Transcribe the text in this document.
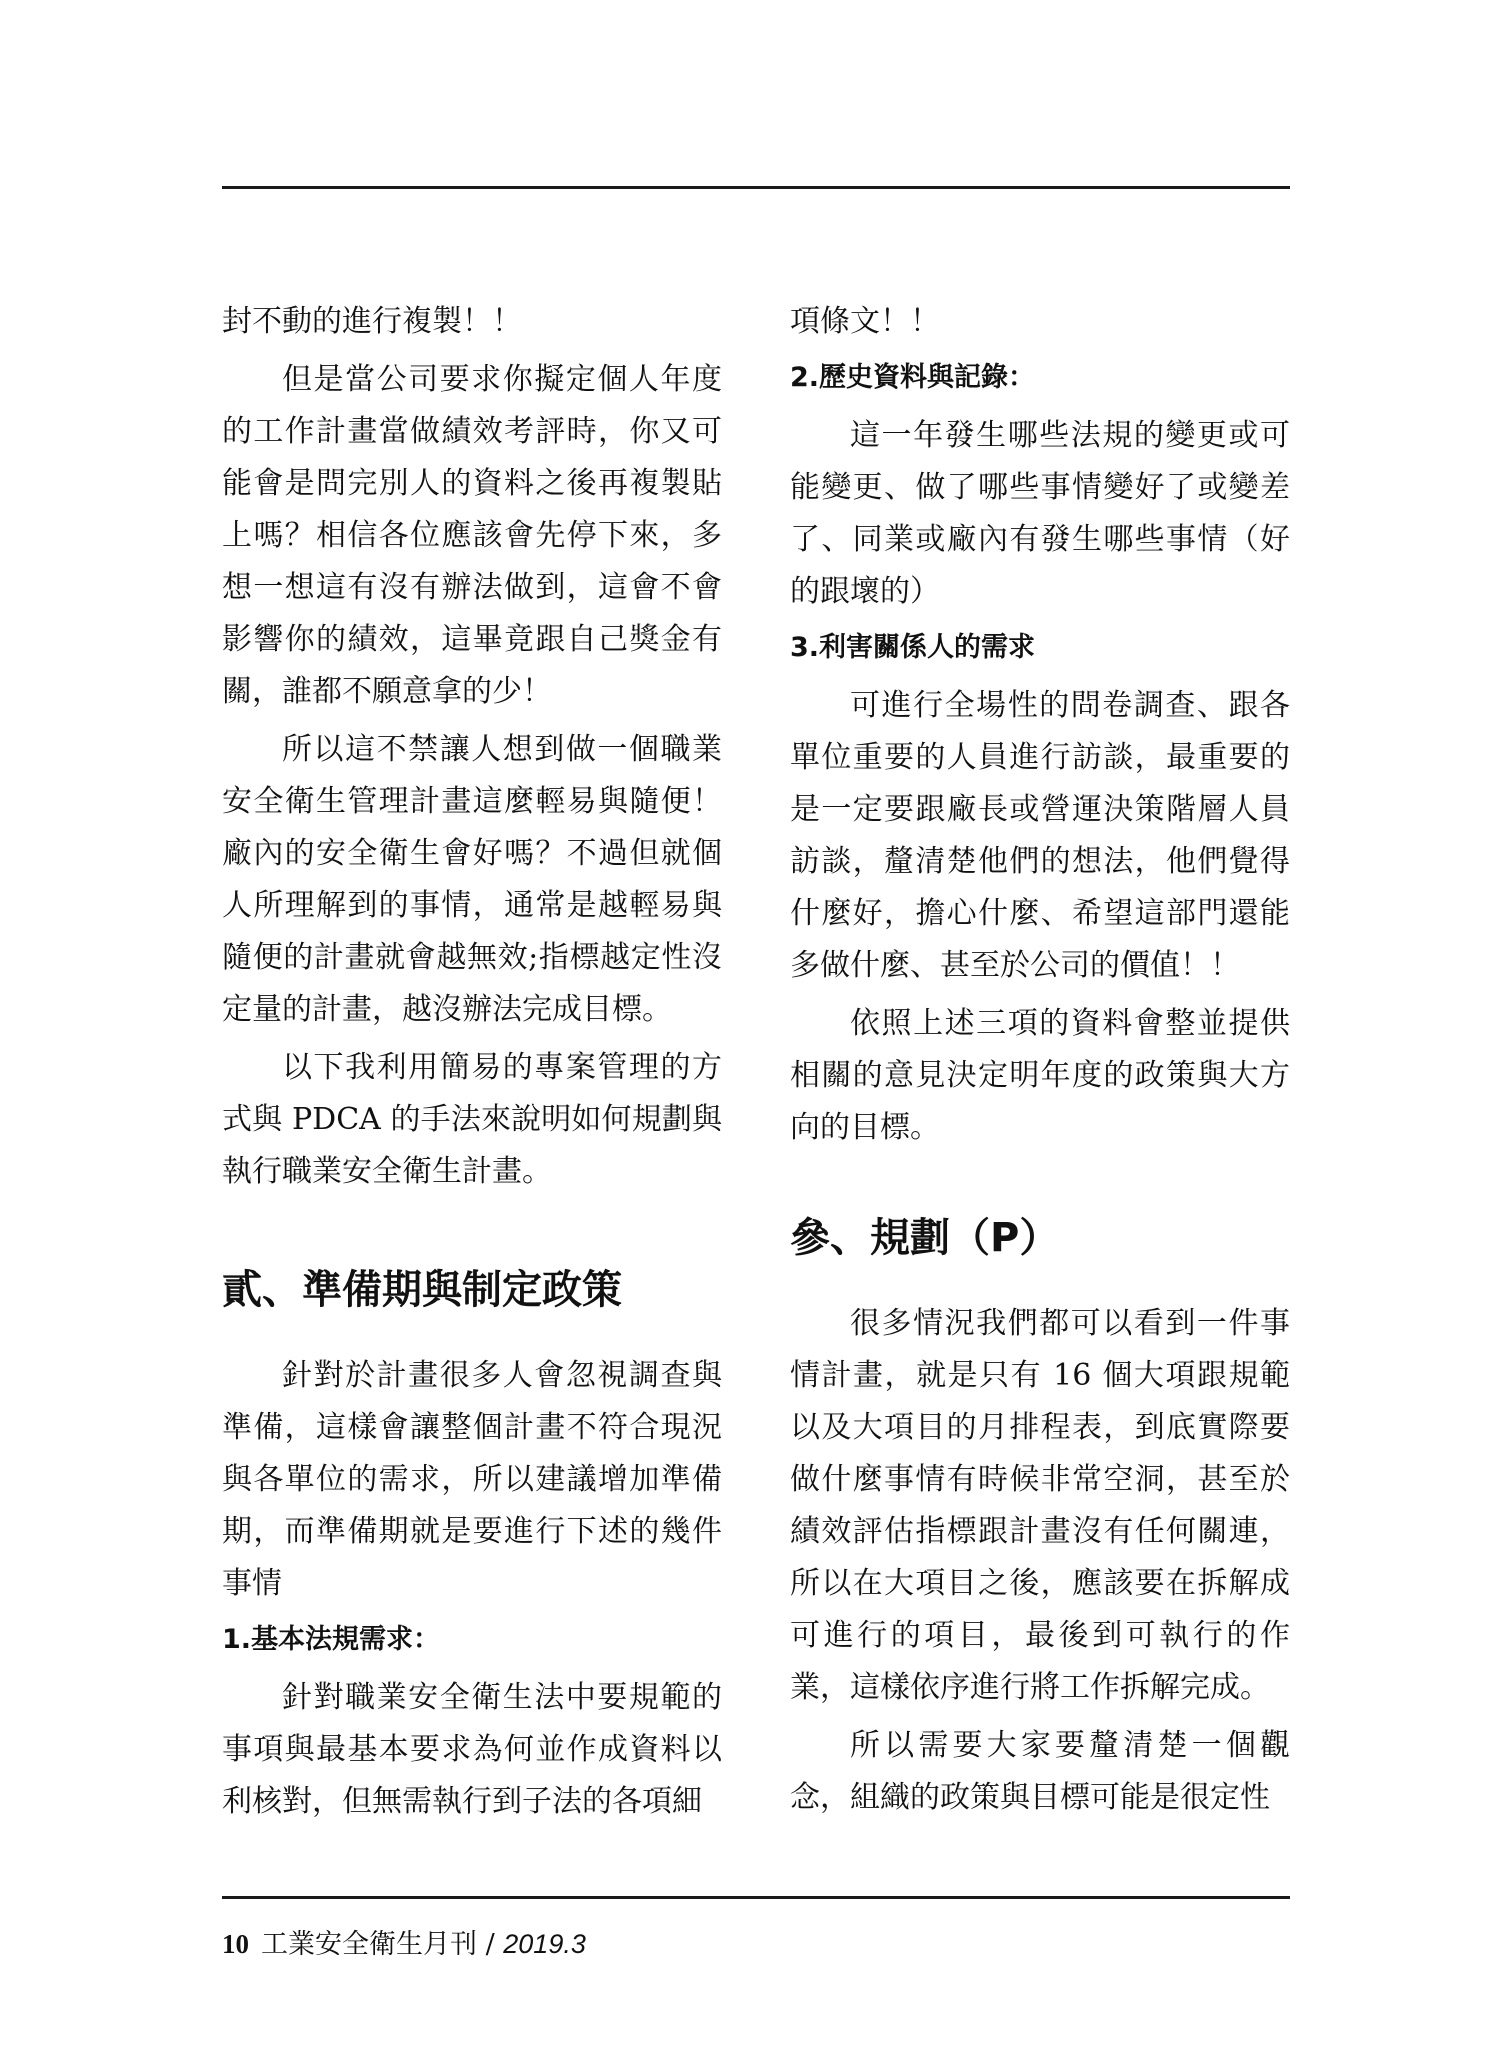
封不動的進行複製！！

但是當公司要求你擬定個人年度的工作計畫當做績效考評時，你又可能會是問完別人的資料之後再複製貼上嗎？相信各位應該會先停下來，多想一想這有沒有辦法做到，這會不會影響你的績效，這畢竟跟自己獎金有關，誰都不願意拿的少！

所以這不禁讓人想到做一個職業安全衛生管理計畫這麼輕易與隨便！廠內的安全衛生會好嗎？不過但就個人所理解到的事情，通常是越輕易與隨便的計畫就會越無效;指標越定性沒定量的計畫，越沒辦法完成目標。

以下我利用簡易的專案管理的方式與 PDCA 的手法來說明如何規劃與執行職業安全衛生計畫。

貳、準備期與制定政策

針對於計畫很多人會忽視調查與準備，這樣會讓整個計畫不符合現況與各單位的需求，所以建議增加準備期，而準備期就是要進行下述的幾件事情

1.基本法規需求：

針對職業安全衛生法中要規範的事項與最基本要求為何並作成資料以利核對，但無需執行到子法的各項細

項條文！！

2.歷史資料與記錄：

這一年發生哪些法規的變更或可能變更、做了哪些事情變好了或變差了、同業或廠內有發生哪些事情（好的跟壞的）

3.利害關係人的需求

可進行全場性的問卷調查、跟各單位重要的人員進行訪談，最重要的是一定要跟廠長或營運決策階層人員訪談，釐清楚他們的想法，他們覺得什麼好，擔心什麼、希望這部門還能多做什麼、甚至於公司的價值！！

依照上述三項的資料會整並提供相關的意見決定明年度的政策與大方向的目標。

參、規劃（P）

很多情況我們都可以看到一件事情計畫，就是只有 16 個大項跟規範以及大項目的月排程表，到底實際要做什麼事情有時候非常空洞，甚至於績效評估指標跟計畫沒有任何關連，所以在大項目之後，應該要在拆解成可進行的項目，最後到可執行的作業，這樣依序進行將工作拆解完成。

所以需要大家要釐清楚一個觀念，組織的政策與目標可能是很定性

10 工業安全衛生月刊 / 2019.3
